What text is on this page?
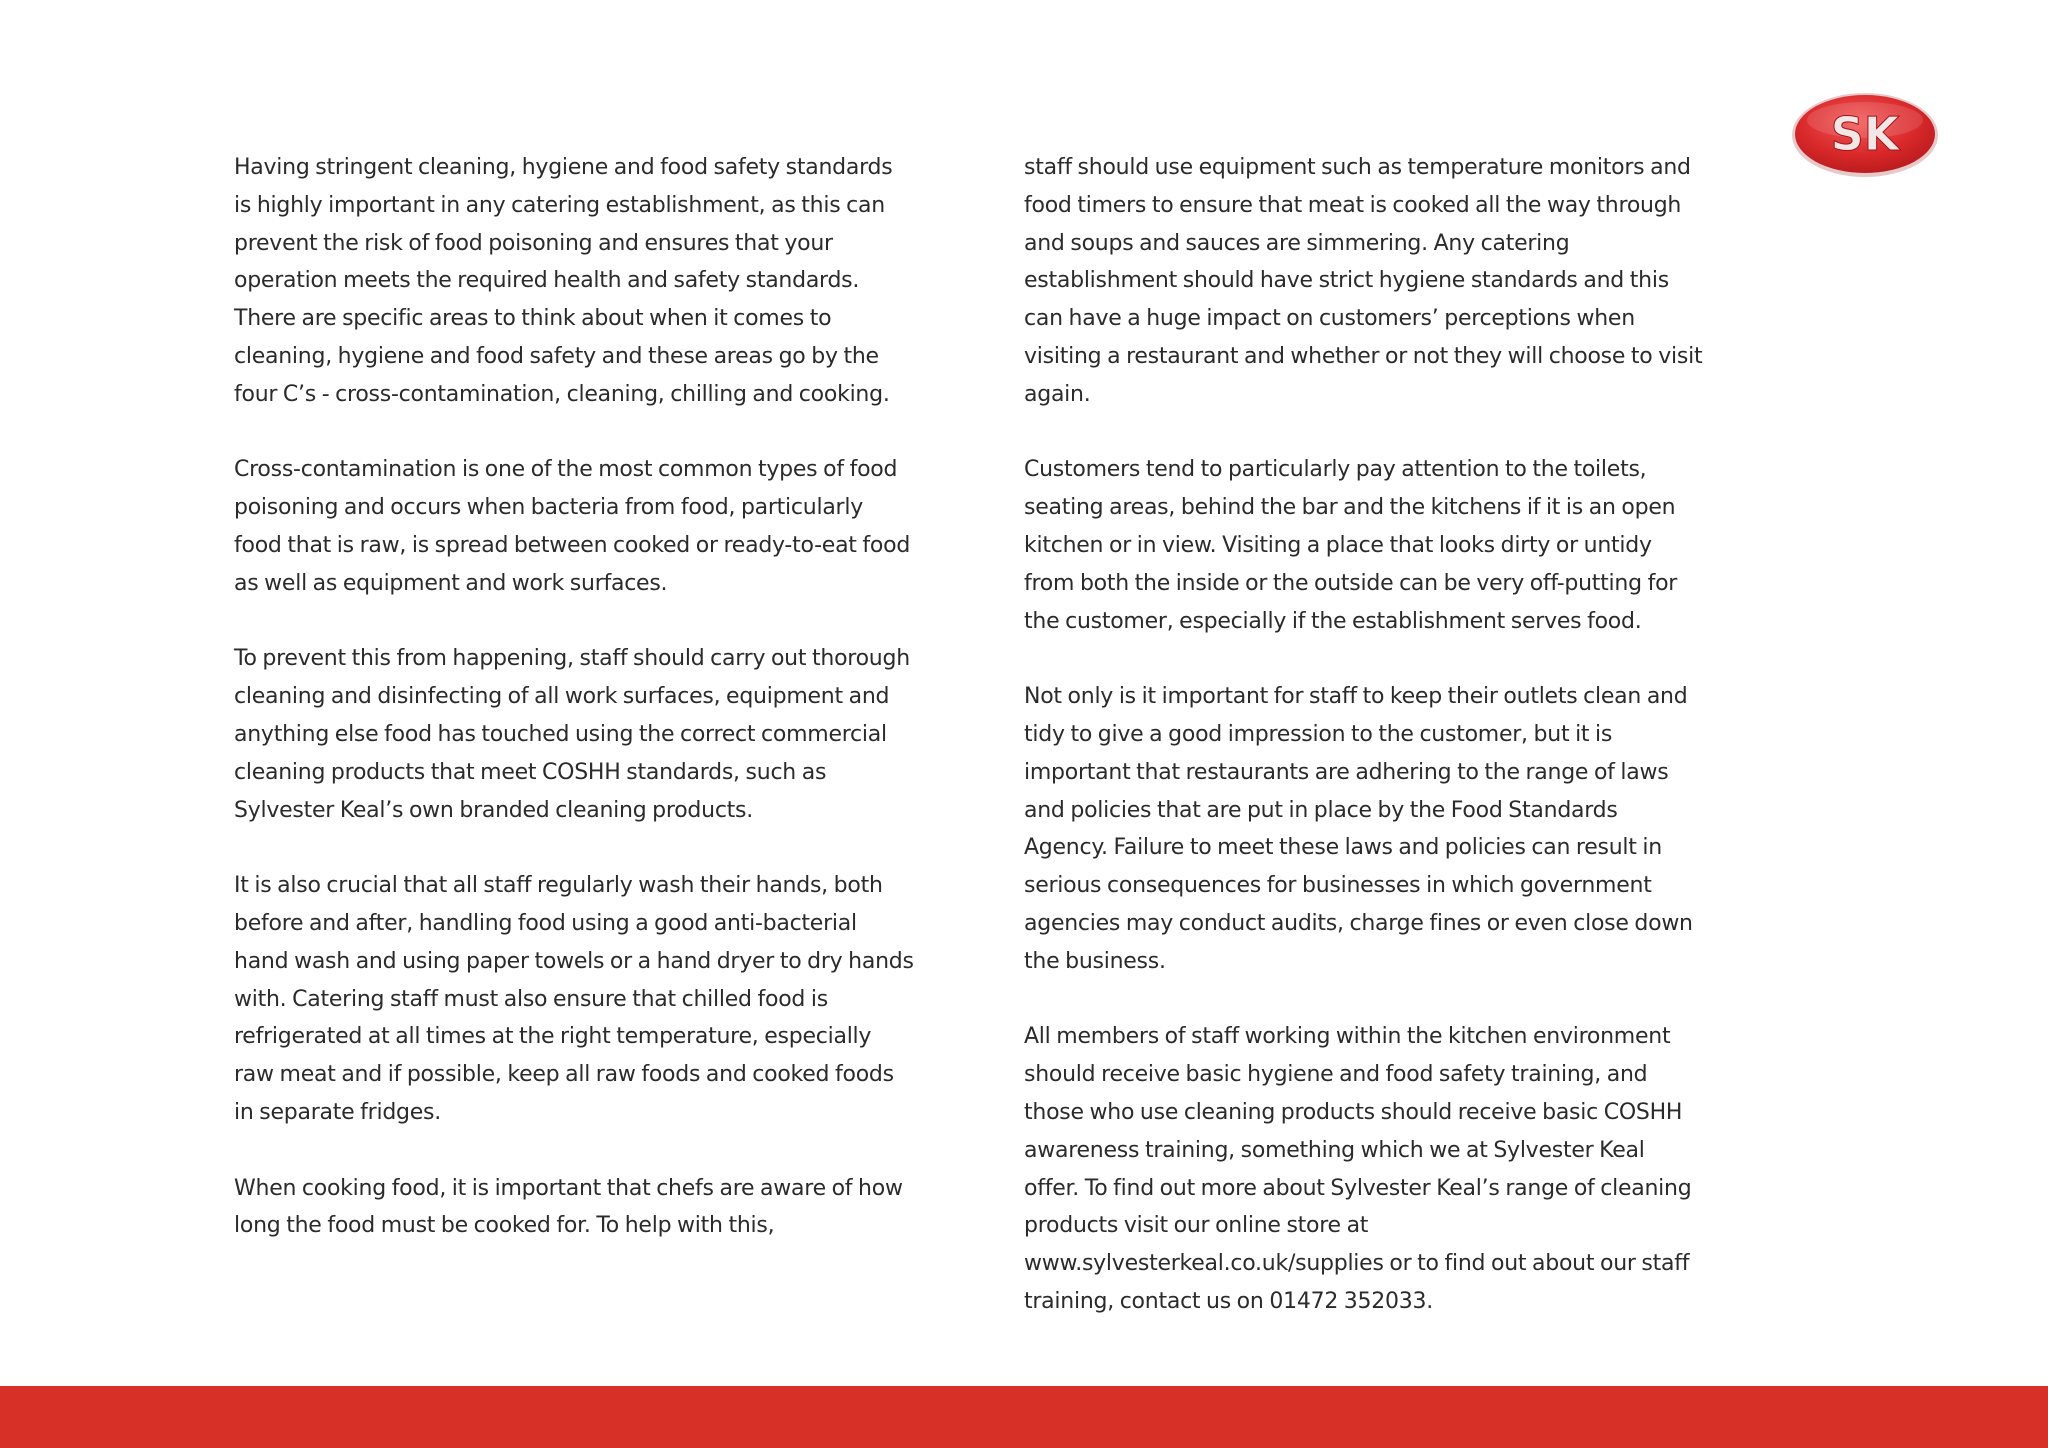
SK

Having stringent cleaning, hygiene and food safety standards is highly important in any catering establishment, as this can prevent the risk of food poisoning and ensures that your operation meets the required health and safety standards. There are specific areas to think about when it comes to cleaning, hygiene and food safety and these areas go by the four C’s - cross-contamination, cleaning, chilling and cooking.

Cross-contamination is one of the most common types of food poisoning and occurs when bacteria from food, particularly food that is raw, is spread between cooked or ready-to-eat food as well as equipment and work surfaces.

To prevent this from happening, staff should carry out thorough cleaning and disinfecting of all work surfaces, equipment and anything else food has touched using the correct commercial cleaning products that meet COSHH standards, such as Sylvester Keal’s own branded cleaning products.

It is also crucial that all staff regularly wash their hands, both before and after, handling food using a good anti-bacterial hand wash and using paper towels or a hand dryer to dry hands with. Catering staff must also ensure that chilled food is refrigerated at all times at the right temperature, especially raw meat and if possible, keep all raw foods and cooked foods in separate fridges.

When cooking food, it is important that chefs are aware of how long the food must be cooked for. To help with this,

staff should use equipment such as temperature monitors and food timers to ensure that meat is cooked all the way through and soups and sauces are simmering. Any catering establishment should have strict hygiene standards and this can have a huge impact on customers’ perceptions when visiting a restaurant and whether or not they will choose to visit again.

Customers tend to particularly pay attention to the toilets, seating areas, behind the bar and the kitchens if it is an open kitchen or in view. Visiting a place that looks dirty or untidy from both the inside or the outside can be very off-putting for the customer, especially if the establishment serves food.

Not only is it important for staff to keep their outlets clean and tidy to give a good impression to the customer, but it is important that restaurants are adhering to the range of laws and policies that are put in place by the Food Standards Agency. Failure to meet these laws and policies can result in serious consequences for businesses in which government agencies may conduct audits, charge fines or even close down the business.

All members of staff working within the kitchen environment should receive basic hygiene and food safety training, and those who use cleaning products should receive basic COSHH awareness training, something which we at Sylvester Keal offer. To find out more about Sylvester Keal’s range of cleaning products visit our online store at www.sylvesterkeal.co.uk/supplies or to find out about our staff training, contact us on 01472 352033.
